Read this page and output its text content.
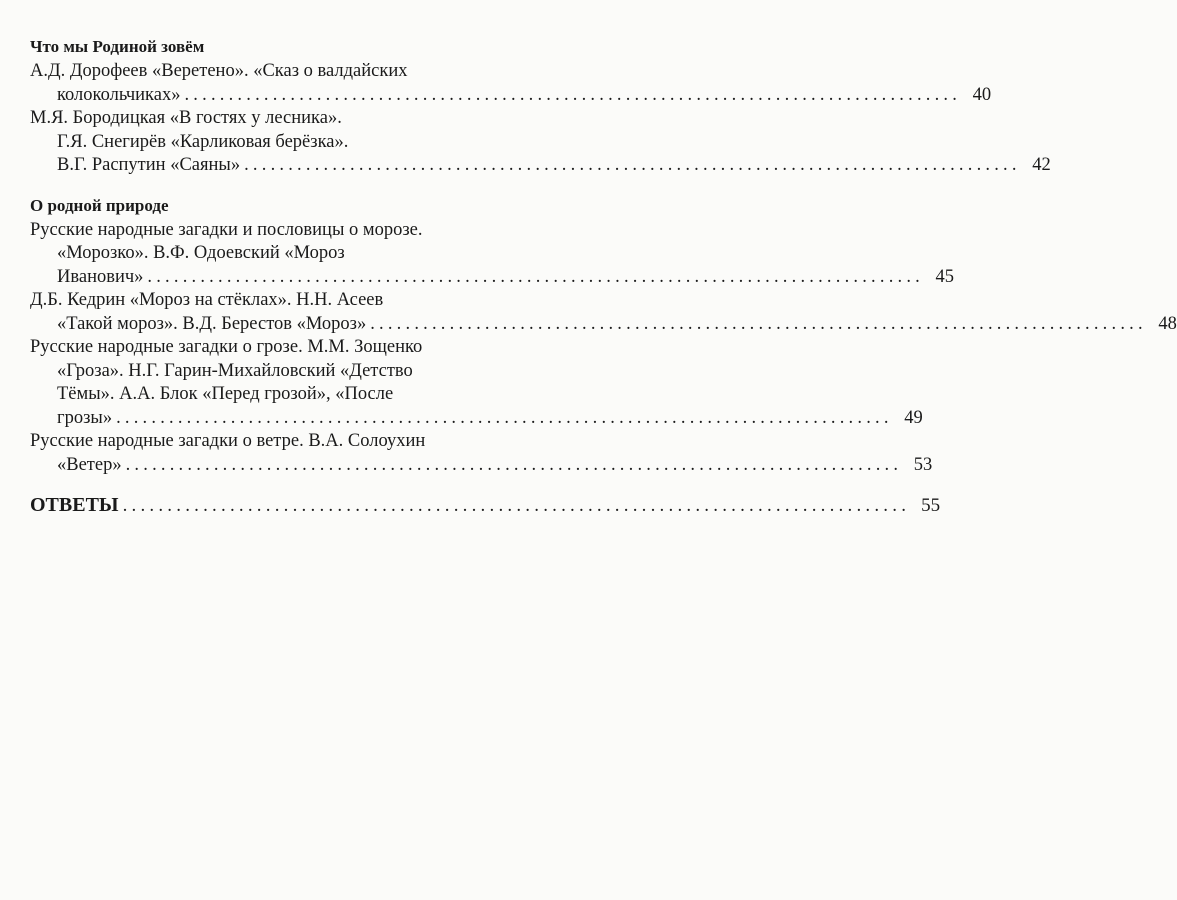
Что мы Родиной зовём
А.Д. Дорофеев «Веретено». «Сказ о валдайских
колокольчиках» ........................................................................................ 40
М.Я. Бородицкая «В гостях у лесника».
Г.Я. Снегирёв «Карликовая берёзка».
В.Г. Распутин «Саяны» ........................................................................................ 42
О родной природе
Русские народные загадки и пословицы о морозе.
«Морозко». В.Ф. Одоевский «Мороз
Иванович» ........................................................................................ 45
Д.Б. Кедрин «Мороз на стёклах». Н.Н. Асеев
«Такой мороз». В.Д. Берестов «Мороз» ........................................................................................ 48
Русские народные загадки о грозе. М.М. Зощенко
«Гроза». Н.Г. Гарин-Михайловский «Детство
Тёмы». А.А. Блок «Перед грозой», «После
грозы» ........................................................................................ 49
Русские народные загадки о ветре. В.А. Солоухин
«Ветер» ........................................................................................ 53
ОТВЕТЫ ........................................................................................ 55
